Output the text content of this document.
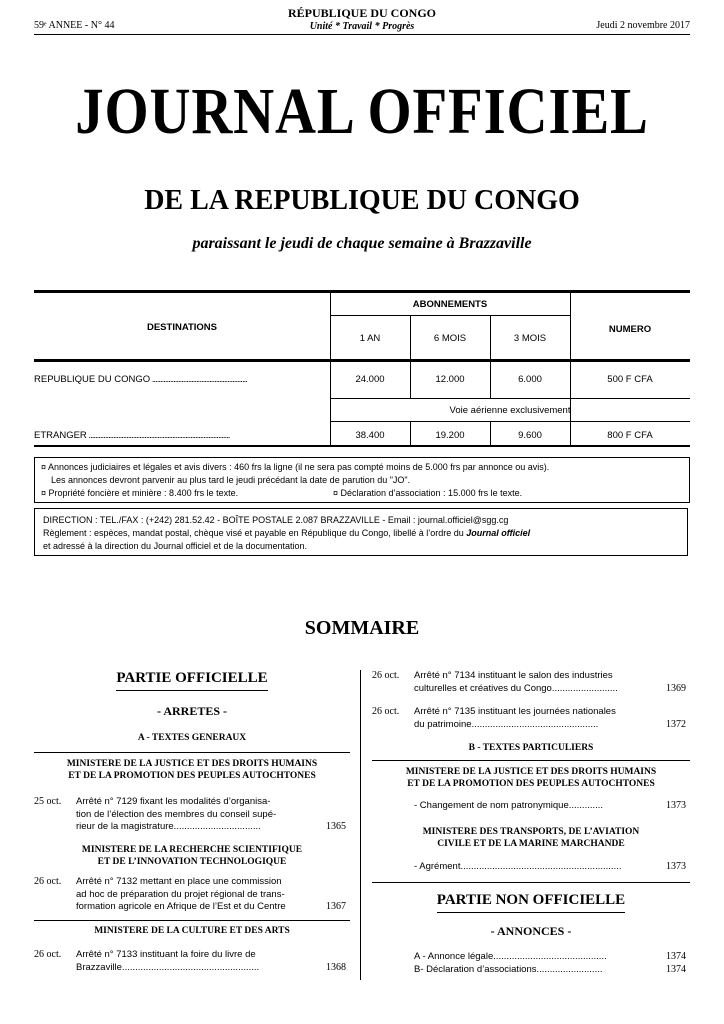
59ᵉ ANNEE - N° 44
RÉPUBLIQUE DU CONGO
Unité * Travail * Progrès	Jeudi 2 novembre 2017
JOURNAL OFFICIEL
DE LA REPUBLIQUE DU CONGO
paraissant le jeudi de chaque semaine à Brazzaville
DESTINATIONS
ABONNEMENTS
NUMERO
1 AN	6 MOIS	3 MOIS
REPUBLIQUE DU CONGO ..........................................................	24.000	12.000	6.000	500 F CFA
Voie aérienne exclusivement
ETRANGER ......................................................................................	38.400	19.200	9.600	800 F CFA
¤ Annonces judiciaires et légales et avis divers : 460 frs la ligne (il ne sera pas compté moins de 5.000 frs par annonce ou avis).
Les annonces devront parvenir au plus tard le jeudi précédant la date de parution du "JO".
¤ Propriété foncière et minière : 8.400 frs le texte.	¤ Déclaration d’association : 15.000 frs le texte.
DIRECTION : TEL./FAX : (+242) 281.52.42 - BOÎTE POSTALE 2.087 BRAZZAVILLE - Email : journal.officiel@sgg.cg
Règlement : espèces, mandat postal, chèque visé et payable en République du Congo, libellé à l’ordre du Journal officiel
et adressé à la direction du Journal officiel et de la documentation.
SOMMAIRE
PARTIE OFFICIELLE
- ARRETES -
A - TEXTES GENERAUX
MINISTERE DE LA JUSTICE ET DES DROITS HUMAINS
ET DE LA PROMOTION DES PEUPLES AUTOCHTONES
25 oct. Arrêté n° 7129 fixant les modalités d’organisa-
tion de l’élection des membres du conseil supé-
rieur de la magistrature.................................	1365
MINISTERE DE LA RECHERCHE SCIENTIFIQUE
ET DE L’INNOVATION TECHNOLOGIQUE
26 oct. Arrêté n° 7132 mettant en place une commission
ad hoc de préparation du projet régional de trans-
formation agricole en Afrique de l’Est et du Centre	1367
MINISTERE DE LA CULTURE ET DES ARTS
26 oct. Arrêté n° 7133 instituant la foire du livre de
Brazzaville....................................................	1368
26 oct. Arrêté n° 7134 instituant le salon des industries
culturelles et créatives du Congo.........................	1369
26 oct. Arrêté n° 7135 instituant les journées nationales
du patrimoine................................................	1372
B - TEXTES PARTICULIERS
MINISTERE DE LA JUSTICE ET DES DROITS HUMAINS
ET DE LA PROMOTION DES PEUPLES AUTOCHTONES
- Changement de nom patronymique.............	1373
MINISTERE DES TRANSPORTS, DE L’AVIATION
CIVILE ET DE LA MARINE MARCHANDE
- Agrément.............................................................	1373
PARTIE NON OFFICIELLE
- ANNONCES -
A - Annonce légale...........................................	1374
B- Déclaration d’associations.........................	1374
